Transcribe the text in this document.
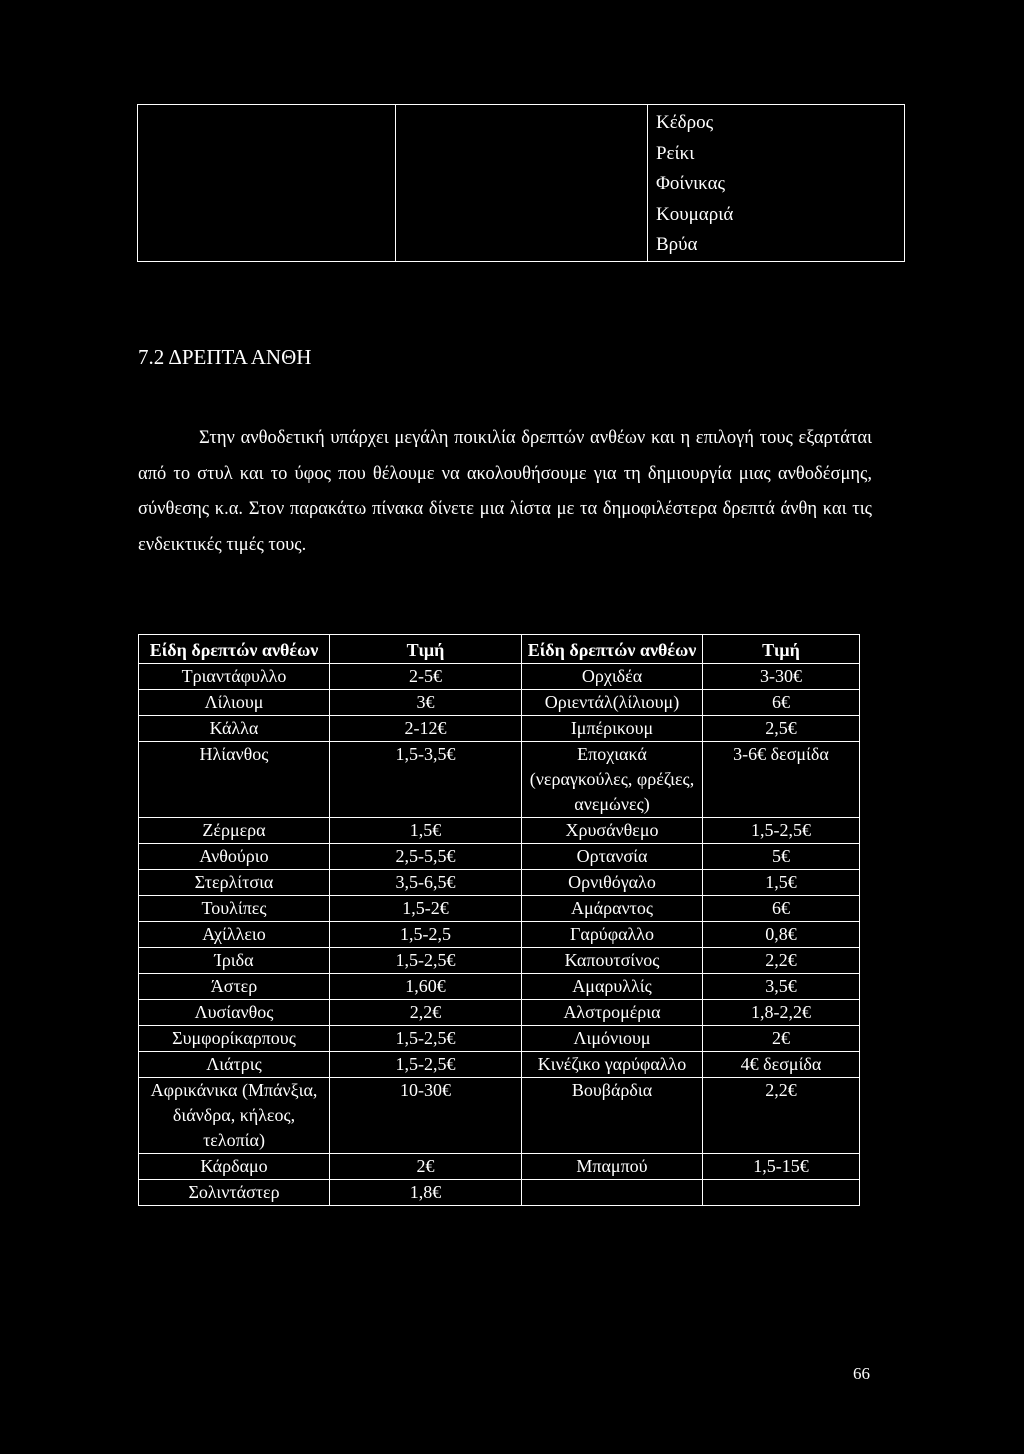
Κέδρος
Ρείκι
Φοίνικας
Κουμαριά
Βρύα
7.2 ΔΡΕΠΤΑ ΑΝΘΗ

Στην ανθοδετική υπάρχει μεγάλη ποικιλία δρεπτών ανθέων και η επιλογή τους εξαρτάται από το στυλ και το ύφος που θέλουμε να ακολουθήσουμε για τη δημιουργία μιας ανθοδέσμης, σύνθεσης κ.α. Στον παρακάτω πίνακα δίνετε μια λίστα με τα δημοφιλέστερα δρεπτά άνθη και τις ενδεικτικές τιμές τους.

Είδη δρεπτών ανθέων	Τιμή	Είδη δρεπτών ανθέων	Τιμή
Τριαντάφυλλο	2-5€	Ορχιδέα	3-30€
Λίλιουμ	3€	Οριεντάλ(λίλιουμ)	6€
Κάλλα	2-12€	Ιμπέρικουμ	2,5€
Ηλίανθος	1,5-3,5€	Εποχιακά (νεραγκούλες, φρέζιες, ανεμώνες)	3-6€ δεσμίδα
Ζέρμερα	1,5€	Χρυσάνθεμο	1,5-2,5€
Ανθούριο	2,5-5,5€	Ορτανσία	5€
Στερλίτσια	3,5-6,5€	Ορνιθόγαλο	1,5€
Τουλίπες	1,5-2€	Αμάραντος	6€
Αχίλλειο	1,5-2,5	Γαρύφαλλο	0,8€
Ίριδα	1,5-2,5€	Καπουτσίνος	2,2€
Άστερ	1,60€	Αμαρυλλίς	3,5€
Λυσίανθος	2,2€	Αλστρομέρια	1,8-2,2€
Συμφορίκαρπους	1,5-2,5€	Λιμόνιουμ	2€
Λιάτρις	1,5-2,5€	Κινέζικο γαρύφαλλο	4€ δεσμίδα
Αφρικάνικα (Μπάνξια, διάνδρα, κήλεος, τελοπία)	10-30€	Βουβάρδια	2,2€
Κάρδαμο	2€	Μπαμπού	1,5-15€
Σολιντάστερ	1,8€		
66
